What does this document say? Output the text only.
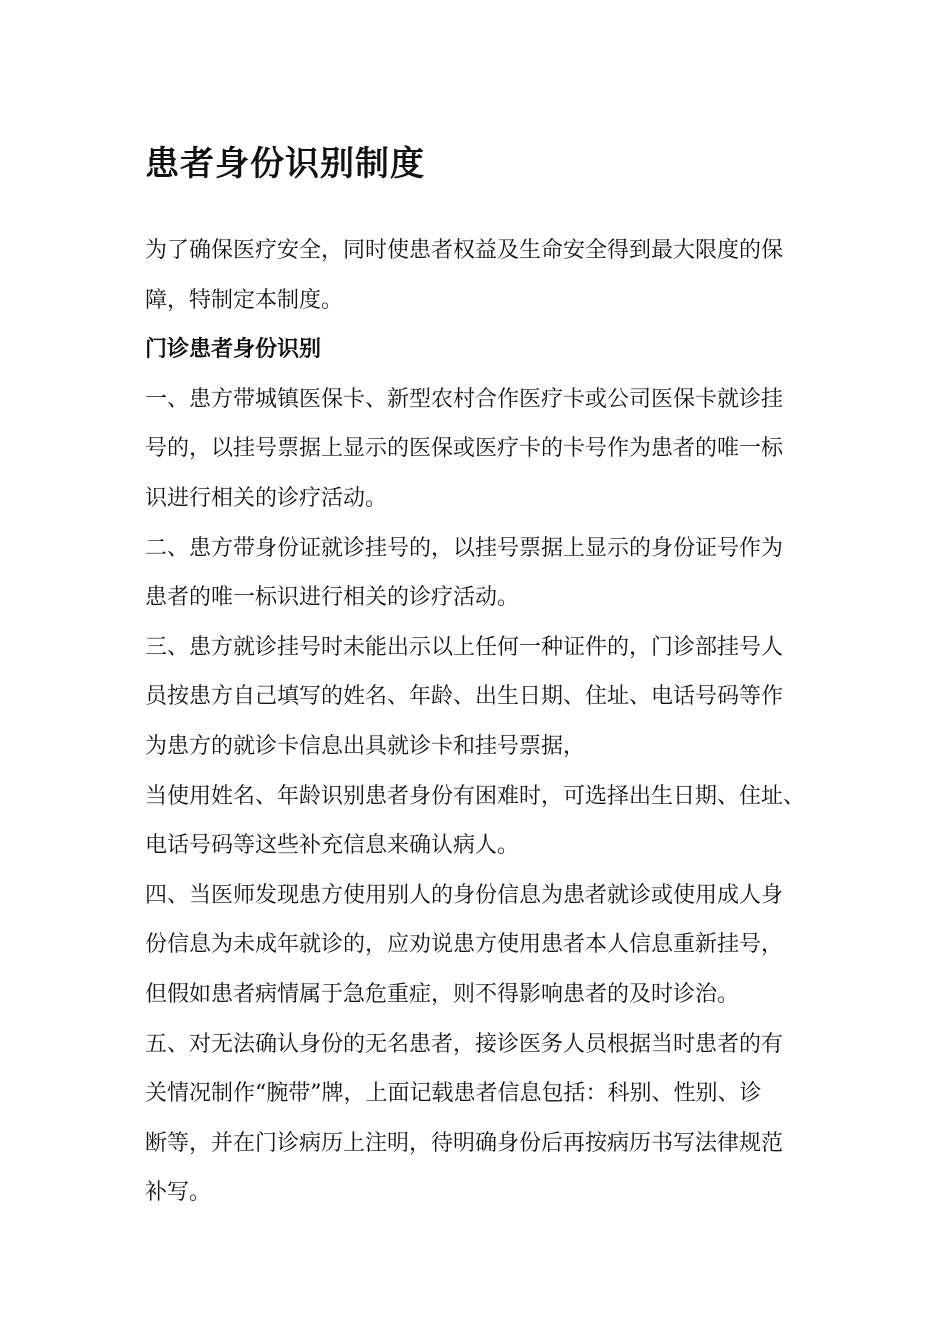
患者身份识别制度
为了确保医疗安全，同时使患者权益及生命安全得到最大限度的保
障，特制定本制度。
门诊患者身份识别
一、患方带城镇医保卡、新型农村合作医疗卡或公司医保卡就诊挂
号的，以挂号票据上显示的医保或医疗卡的卡号作为患者的唯一标
识进行相关的诊疗活动。
二、患方带身份证就诊挂号的，以挂号票据上显示的身份证号作为
患者的唯一标识进行相关的诊疗活动。
三、患方就诊挂号时未能出示以上任何一种证件的，门诊部挂号人
员按患方自己填写的姓名、年龄、出生日期、住址、电话号码等作
为患方的就诊卡信息出具就诊卡和挂号票据，
当使用姓名、年龄识别患者身份有困难时，可选择出生日期、住址、
电话号码等这些补充信息来确认病人。
四、当医师发现患方使用别人的身份信息为患者就诊或使用成人身
份信息为未成年就诊的，应劝说患方使用患者本人信息重新挂号，
但假如患者病情属于急危重症，则不得影响患者的及时诊治。
五、对无法确认身份的无名患者，接诊医务人员根据当时患者的有
关情况制作“腕带”牌，上面记载患者信息包括：科别、性别、诊
断等，并在门诊病历上注明，待明确身份后再按病历书写法律规范
补写。
